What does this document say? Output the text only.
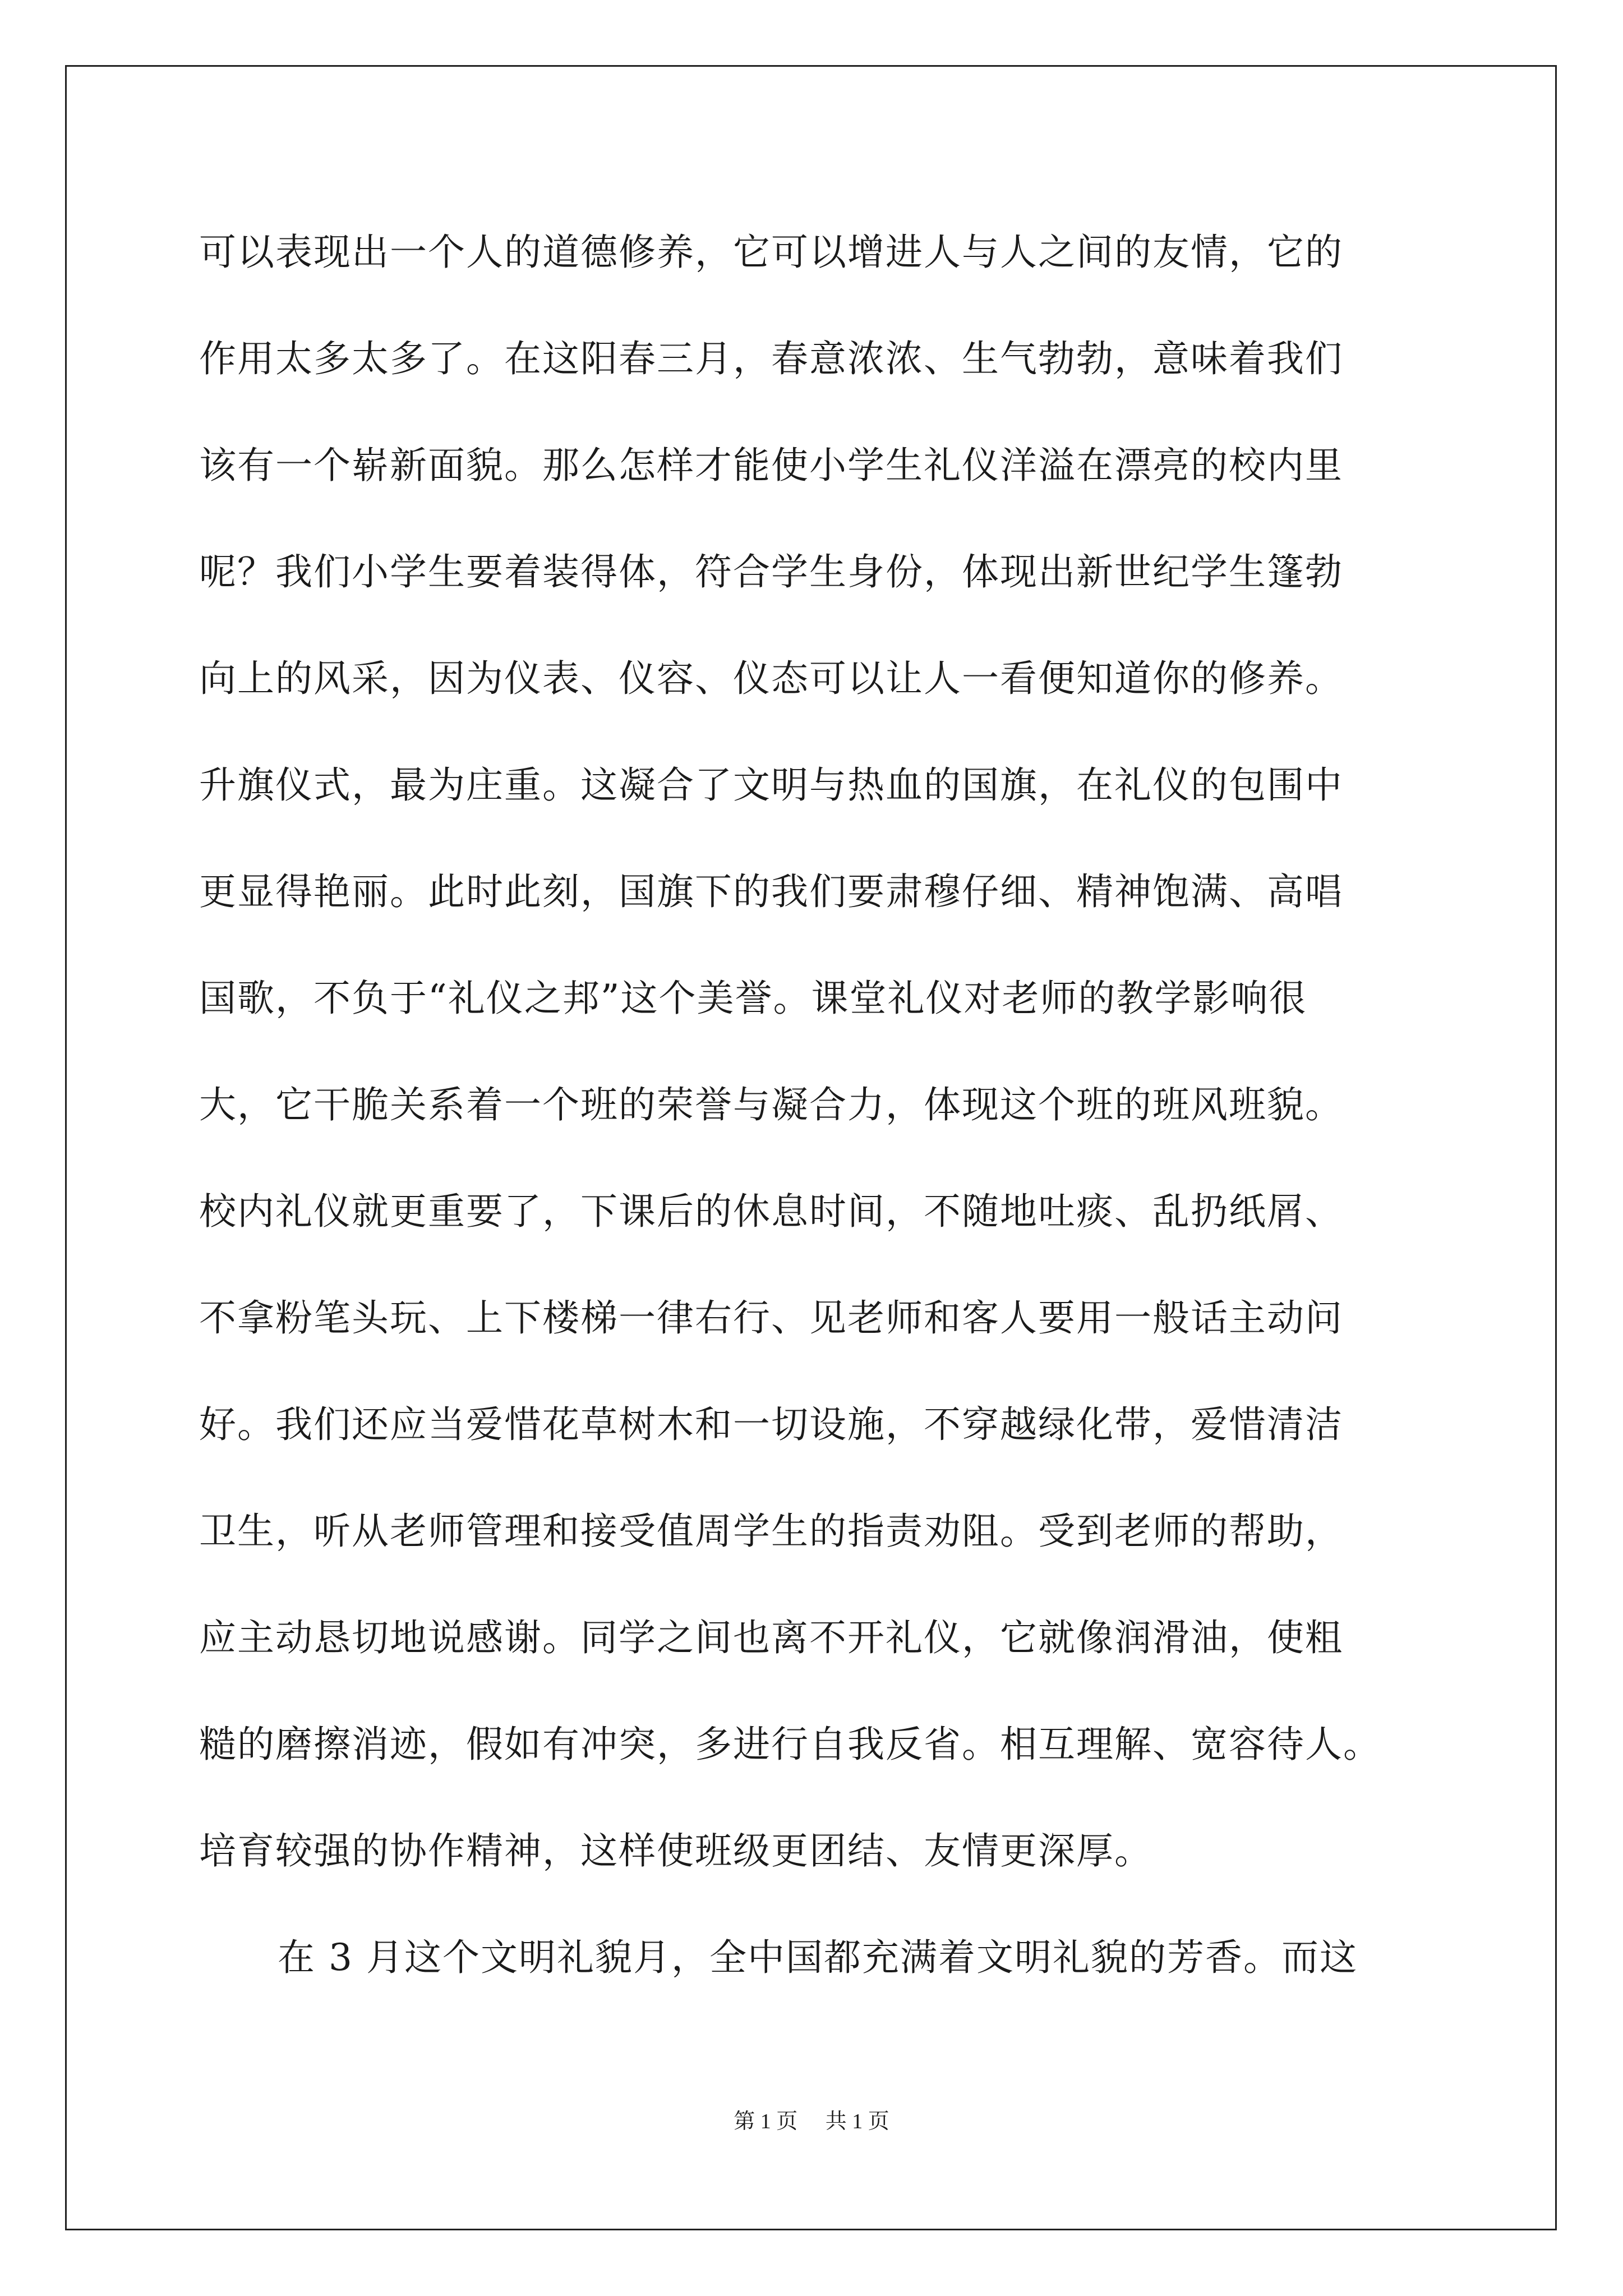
可以表现出一个人的道德修养，它可以增进人与人之间的友情，它的
作用太多太多了。在这阳春三月，春意浓浓、生气勃勃，意味着我们
该有一个崭新面貌。那么怎样才能使小学生礼仪洋溢在漂亮的校内里
呢？我们小学生要着装得体，符合学生身份，体现出新世纪学生篷勃
向上的风采，因为仪表、仪容、仪态可以让人一看便知道你的修养。
升旗仪式，最为庄重。这凝合了文明与热血的国旗，在礼仪的包围中
更显得艳丽。此时此刻，国旗下的我们要肃穆仔细、精神饱满、高唱
国歌，不负于“礼仪之邦”这个美誉。课堂礼仪对老师的教学影响很
大，它干脆关系着一个班的荣誉与凝合力，体现这个班的班风班貌。
校内礼仪就更重要了，下课后的休息时间，不随地吐痰、乱扔纸屑、
不拿粉笔头玩、上下楼梯一律右行、见老师和客人要用一般话主动问
好。我们还应当爱惜花草树木和一切设施，不穿越绿化带，爱惜清洁
卫生，听从老师管理和接受值周学生的指责劝阻。受到老师的帮助，
应主动恳切地说感谢。同学之间也离不开礼仪，它就像润滑油，使粗
糙的磨擦消迹，假如有冲突，多进行自我反省。相互理解、宽容待人。
培育较强的协作精神，这样使班级更团结、友情更深厚。
在 3 月这个文明礼貌月，全中国都充满着文明礼貌的芳香。而这
第 1 页 共 1 页
